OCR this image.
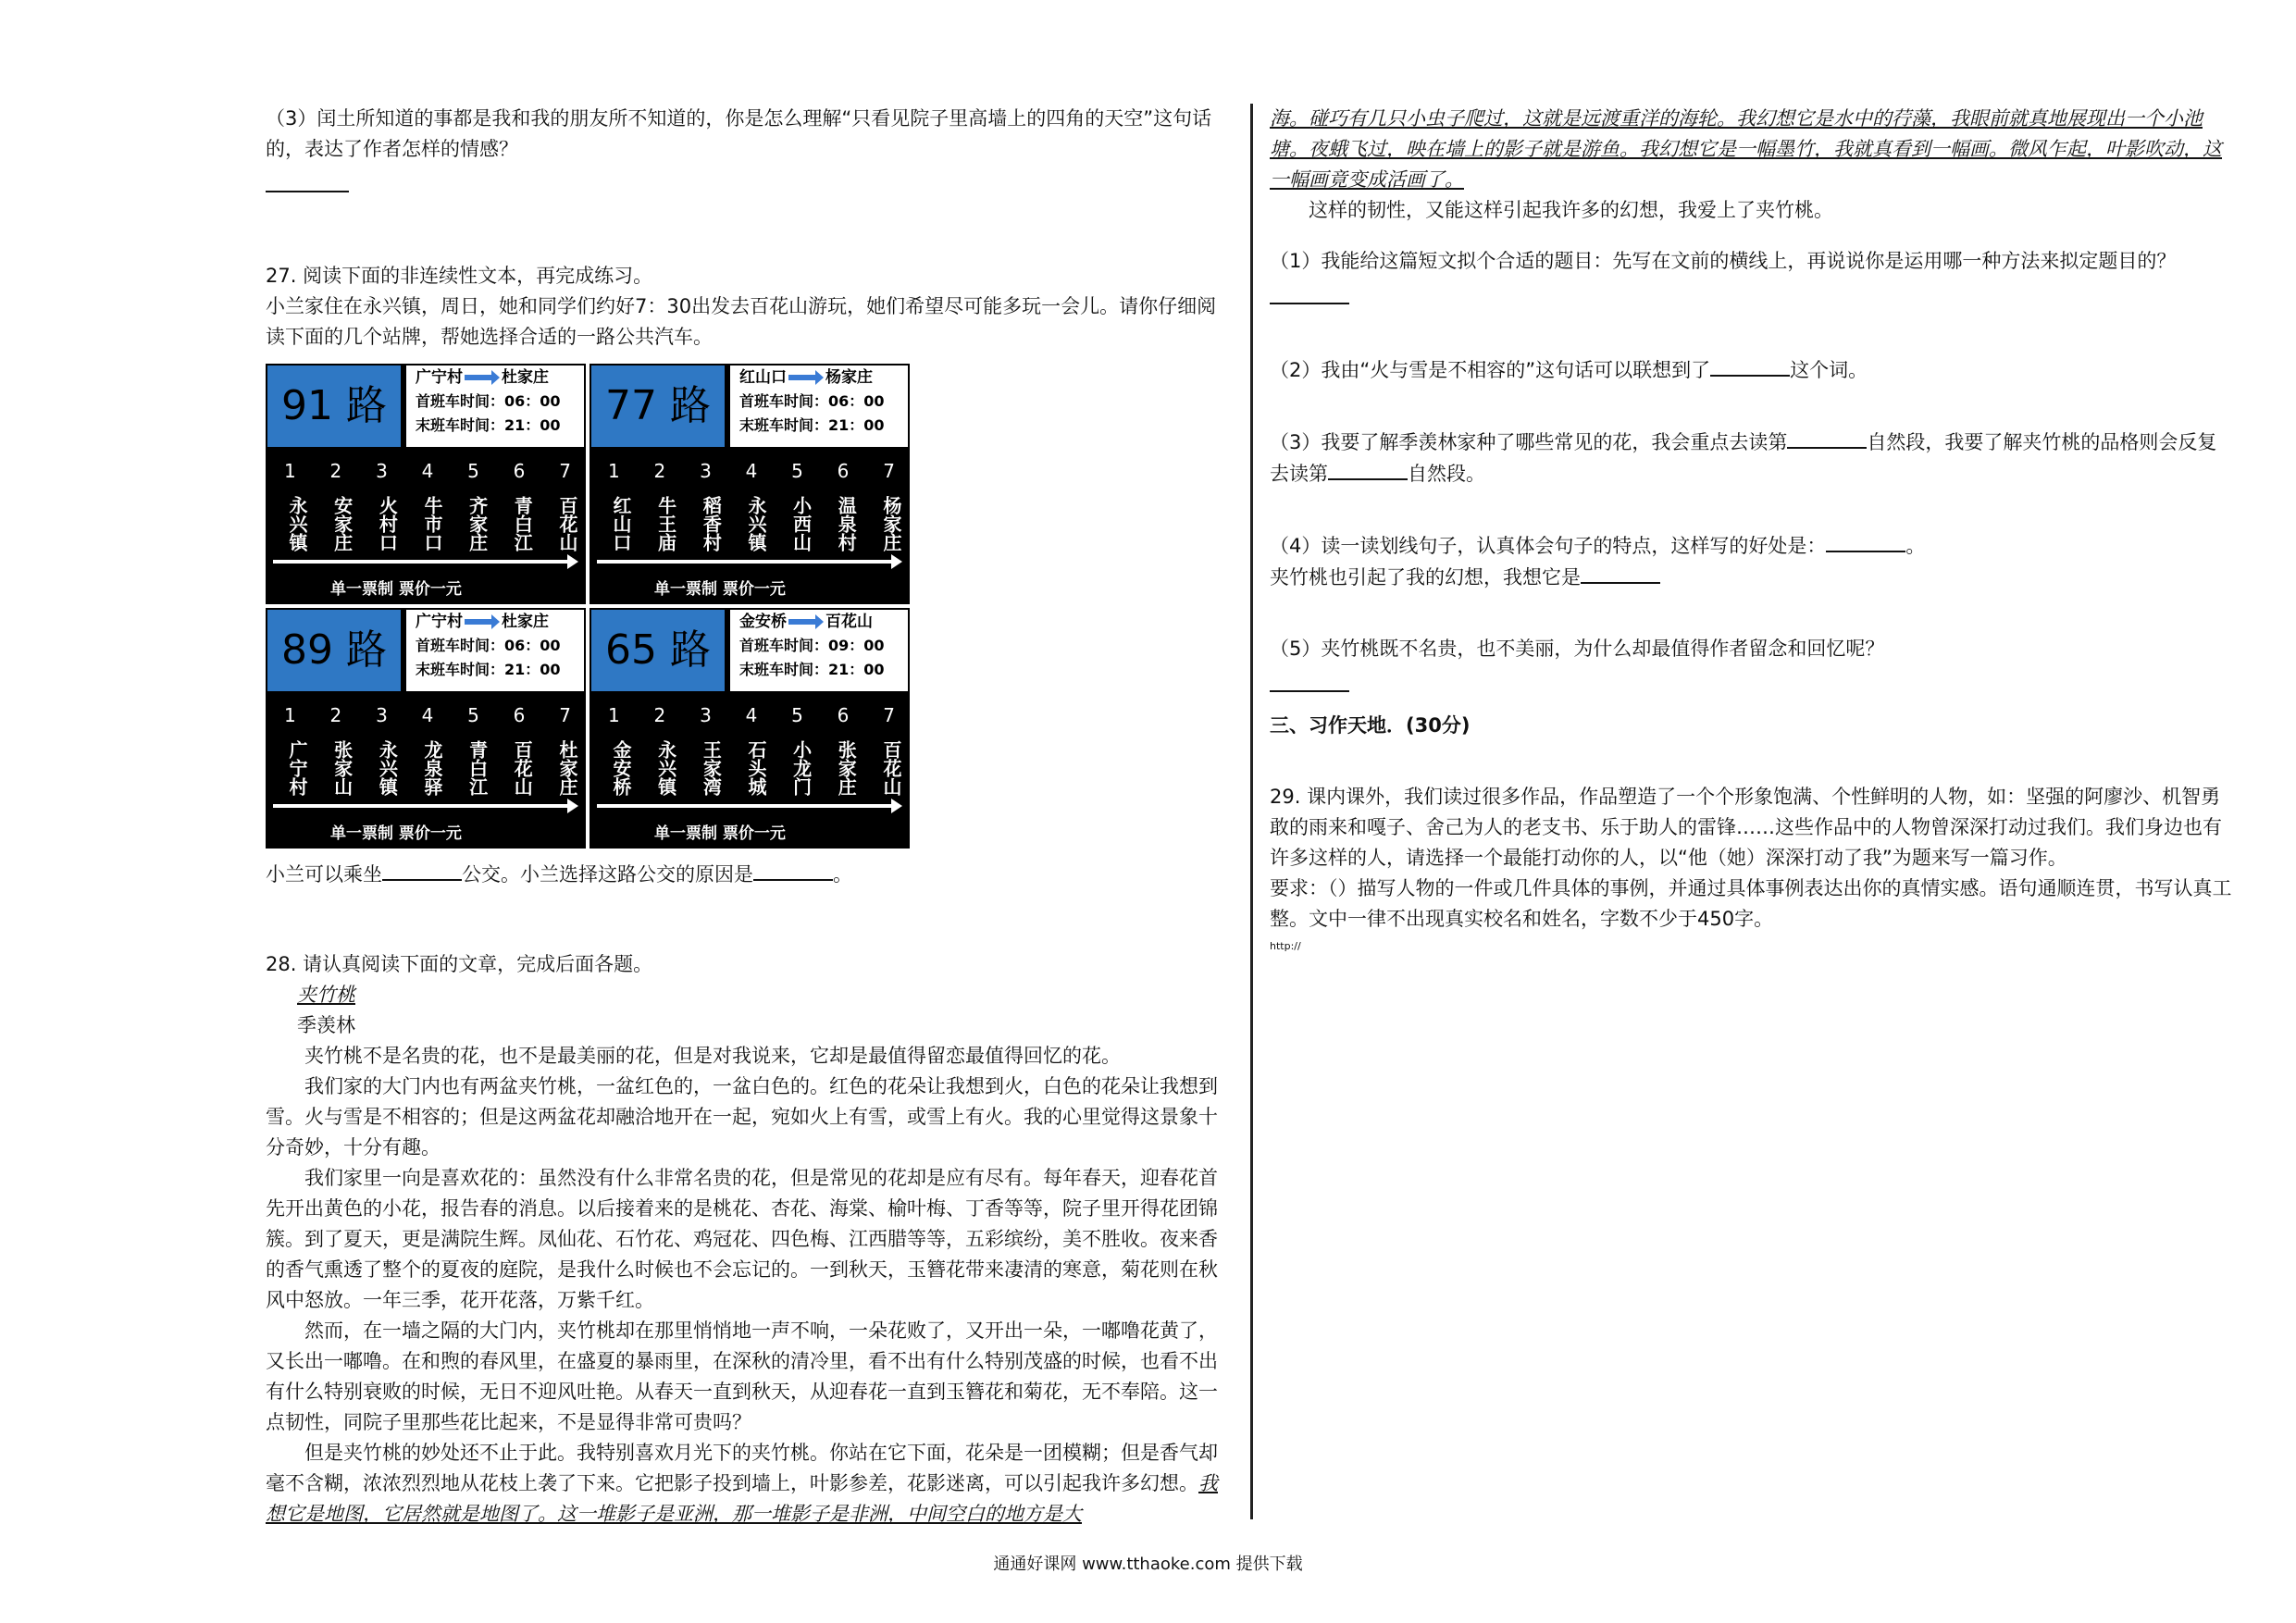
（3）闰土所知道的事都是我和我的朋友所不知道的，你是怎么理解“只看见院子里高墙上的四角的天空”这句话的，表达了作者怎样的情感？

27. 阅读下面的非连续性文本，再完成练习。

小兰家住在永兴镇，周日，她和同学们约好7：30出发去百花山游玩，她们希望尽可能多玩一会儿。请你仔细阅读下面的几个站牌，帮她选择合适的一路公共汽车。

91 路
广宁村 杜家庄
首班车时间：06：00
末班车时间：21：00
1 2 3 4 5 6 7
永兴镇	安家庄	火村口	牛市口	齐家庄	青白江	百花山
单一票制 票价一元
77 路
红山口 杨家庄
首班车时间：06：00
末班车时间：21：00
1 2 3 4 5 6 7
红山口	牛王庙	稻香村	永兴镇	小西山	温泉村	杨家庄
单一票制 票价一元
89 路
广宁村 杜家庄
首班车时间：06：00
末班车时间：21：00
1 2 3 4 5 6 7
广宁村	张家山	永兴镇	龙泉驿	青白江	百花山	杜家庄
单一票制 票价一元
65 路
金安桥 百花山
首班车时间：09：00
末班车时间：21：00
1 2 3 4 5 6 7
金安桥	永兴镇	王家湾	石头城	小龙门	张家庄	百花山
单一票制 票价一元

小兰可以乘坐	公交。小兰选择这路公交的原因是	。

28. 请认真阅读下面的文章，完成后面各题。

夹竹桃

季羡林

夹竹桃不是名贵的花，也不是最美丽的花，但是对我说来，它却是最值得留恋最值得回忆的花。

我们家的大门内也有两盆夹竹桃，一盆红色的，一盆白色的。红色的花朵让我想到火，白色的花朵让我想到雪。火与雪是不相容的；但是这两盆花却融洽地开在一起，宛如火上有雪，或雪上有火。我的心里觉得这景象十分奇妙，十分有趣。

我们家里一向是喜欢花的：虽然没有什么非常名贵的花，但是常见的花却是应有尽有。每年春天，迎春花首先开出黄色的小花，报告春的消息。以后接着来的是桃花、杏花、海棠、榆叶梅、丁香等等，院子里开得花团锦簇。到了夏天，更是满院生辉。凤仙花、石竹花、鸡冠花、四色梅、江西腊等等，五彩缤纷，美不胜收。夜来香的香气熏透了整个的夏夜的庭院，是我什么时候也不会忘记的。一到秋天，玉簪花带来凄清的寒意，菊花则在秋风中怒放。一年三季，花开花落，万紫千红。

然而，在一墙之隔的大门内，夹竹桃却在那里悄悄地一声不响，一朵花败了，又开出一朵，一嘟噜花黄了，又长出一嘟噜。在和煦的春风里，在盛夏的暴雨里，在深秋的清冷里，看不出有什么特别茂盛的时候，也看不出有什么特别衰败的时候，无日不迎风吐艳。从春天一直到秋天，从迎春花一直到玉簪花和菊花，无不奉陪。这一点韧性，同院子里那些花比起来，不是显得非常可贵吗？

但是夹竹桃的妙处还不止于此。我特别喜欢月光下的夹竹桃。你站在它下面，花朵是一团模糊；但是香气却毫不含糊，浓浓烈烈地从花枝上袭了下来。它把影子投到墙上，叶影参差，花影迷离，可以引起我许多幻想。我想它是地图，它居然就是地图了。这一堆影子是亚洲，那一堆影子是非洲，中间空白的地方是大

海。碰巧有几只小虫子爬过，这就是远渡重洋的海轮。我幻想它是水中的荇藻，我眼前就真地展现出一个小池塘。夜蛾飞过，映在墙上的影子就是游鱼。我幻想它是一幅墨竹，我就真看到一幅画。微风乍起，叶影吹动，这一幅画竟变成活画了。

这样的韧性，又能这样引起我许多的幻想，我爱上了夹竹桃。

（1）我能给这篇短文拟个合适的题目：先写在文前的横线上，再说说你是运用哪一种方法来拟定题目的？

（2）我由“火与雪是不相容的”这句话可以联想到了	这个词。

（3）我要了解季羡林家种了哪些常见的花，我会重点去读第	自然段，我要了解夹竹桃的品格则会反复去读第	自然段。

（4）读一读划线句子，认真体会句子的特点，这样写的好处是：	。

夹竹桃也引起了我的幻想，我想它是

（5）夹竹桃既不名贵，也不美丽，为什么却最值得作者留念和回忆呢？

三、习作天地．(30分)

29. 课内课外，我们读过很多作品，作品塑造了一个个形象饱满、个性鲜明的人物，如：坚强的阿廖沙、机智勇敢的雨来和嘎子、舍己为人的老支书、乐于助人的雷锋……这些作品中的人物曾深深打动过我们。我们身边也有许多这样的人，请选择一个最能打动你的人，以“他（她）深深打动了我”为题来写一篇习作。

要求：（）描写人物的一件或几件具体的事例，并通过具体事例表达出你的真情实感。语句通顺连贯，书写认真工整。文中一律不出现真实校名和姓名，字数不少于450字。

http://

通通好课网 www.tthaoke.com 提供下载
